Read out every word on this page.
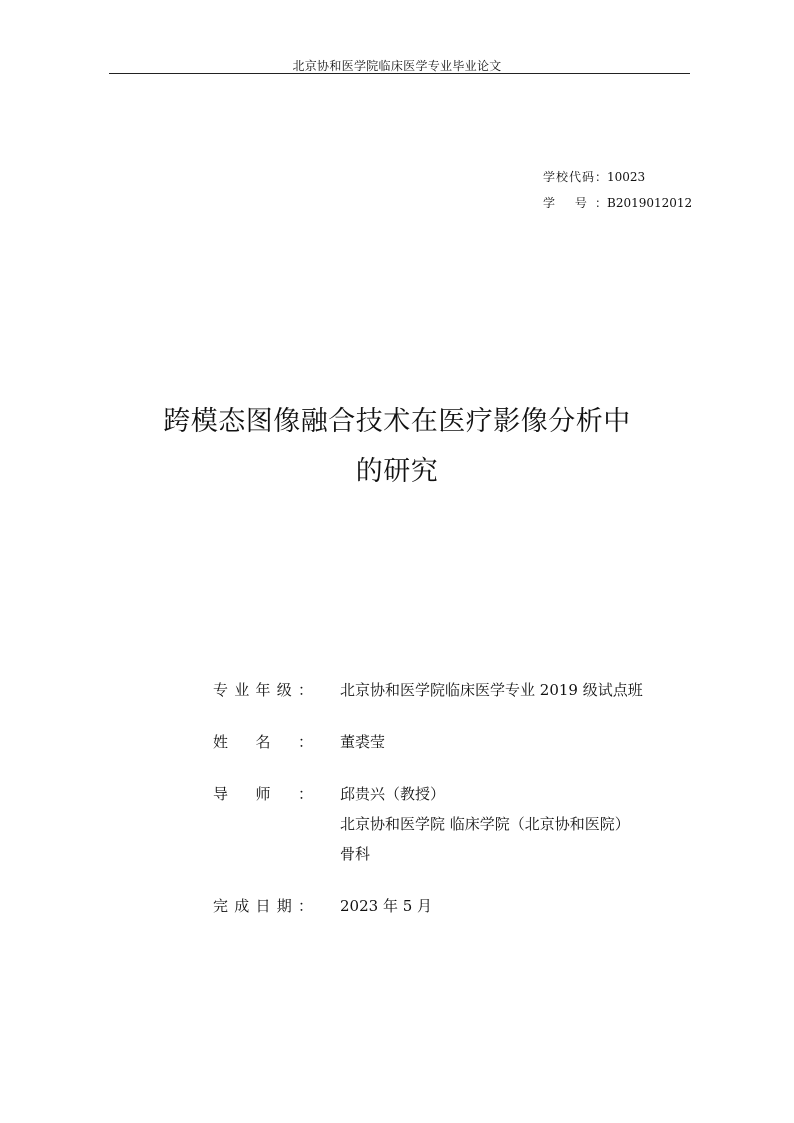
北京协和医学院临床医学专业毕业论文
学校代码： 10023
学 号： B2019012012
跨模态图像融合技术在医疗影像分析中
的研究
专业年级： 北京协和医学院临床医学专业 2019 级试点班
姓名： 董裘莹
导师： 邱贵兴（教授）
北京协和医学院 临床学院（北京协和医院）
骨科
完成日期： 2023 年 5 月
